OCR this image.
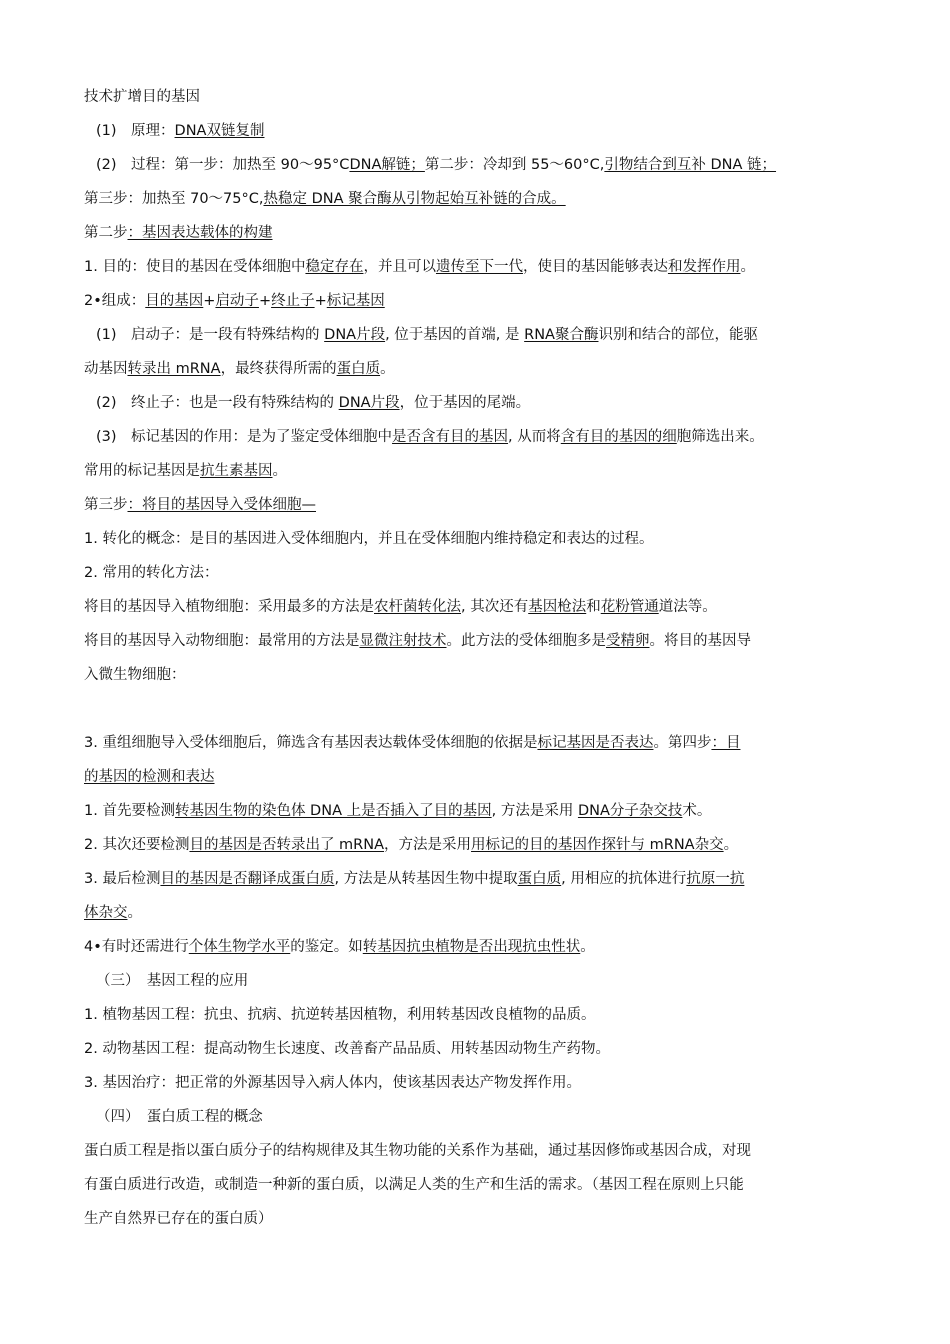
技术扩增目的基因
(1)　原理：DNA双链复制
(2)　过程：第一步：加热至 90～95°CDNA解链；第二步：冷却到 55～60°C,引物结合到互补 DNA 链；
第三步：加热至 70～75°C,热稳定 DNA 聚合酶从引物起始互补链的合成。
第二步：基因表达载体的构建
1. 目的：使目的基因在受体细胞中稳定存在，并且可以遗传至下一代，使目的基因能够表达和发挥作用。
2•组成：目的基因+启动子+终止子+标记基因
(1)　启动子：是一段有特殊结构的 DNA片段, 位于基因的首端, 是 RNA聚合酶识别和结合的部位，能驱
动基因转录出 mRNA，最终获得所需的蛋白质。
(2)　终止子：也是一段有特殊结构的 DNA片段，位于基因的尾端。
(3)　标记基因的作用：是为了鉴定受体细胞中是否含有目的基因, 从而将含有目的基因的细胞筛选出来。
常用的标记基因是抗生素基因。
第三步：将目的基因导入受体细胞—
1. 转化的概念：是目的基因进入受体细胞内，并且在受体细胞内维持稳定和表达的过程。
2. 常用的转化方法：
将目的基因导入植物细胞：采用最多的方法是农杆菌转化法, 其次还有基因枪法和花粉管通道法等。
将目的基因导入动物细胞：最常用的方法是显微注射技术。此方法的受体细胞多是受精卵。将目的基因导
入微生物细胞：
3. 重组细胞导入受体细胞后，筛选含有基因表达载体受体细胞的依据是标记基因是否表达。第四步：目
的基因的检测和表达
1. 首先要检测转基因生物的染色体 DNA 上是否插入了目的基因, 方法是采用 DNA分子杂交技术。
2. 其次还要检测目的基因是否转录出了 mRNA，方法是采用用标记的目的基因作探针与 mRNA杂交。
3. 最后检测目的基因是否翻译成蛋白质, 方法是从转基因生物中提取蛋白质, 用相应的抗体进行抗原一抗
体杂交。
4•有时还需进行个体生物学水平的鉴定。如转基因抗虫植物是否出现抗虫性状。
（三）　基因工程的应用
1. 植物基因工程：抗虫、抗病、抗逆转基因植物，利用转基因改良植物的品质。
2. 动物基因工程：提高动物生长速度、改善畜产品品质、用转基因动物生产药物。
3. 基因治疗：把正常的外源基因导入病人体内，使该基因表达产物发挥作用。
（四）　蛋白质工程的概念
蛋白质工程是指以蛋白质分子的结构规律及其生物功能的关系作为基础，通过基因修饰或基因合成，对现
有蛋白质进行改造，或制造一种新的蛋白质，以满足人类的生产和生活的需求。（基因工程在原则上只能
生产自然界已存在的蛋白质）
